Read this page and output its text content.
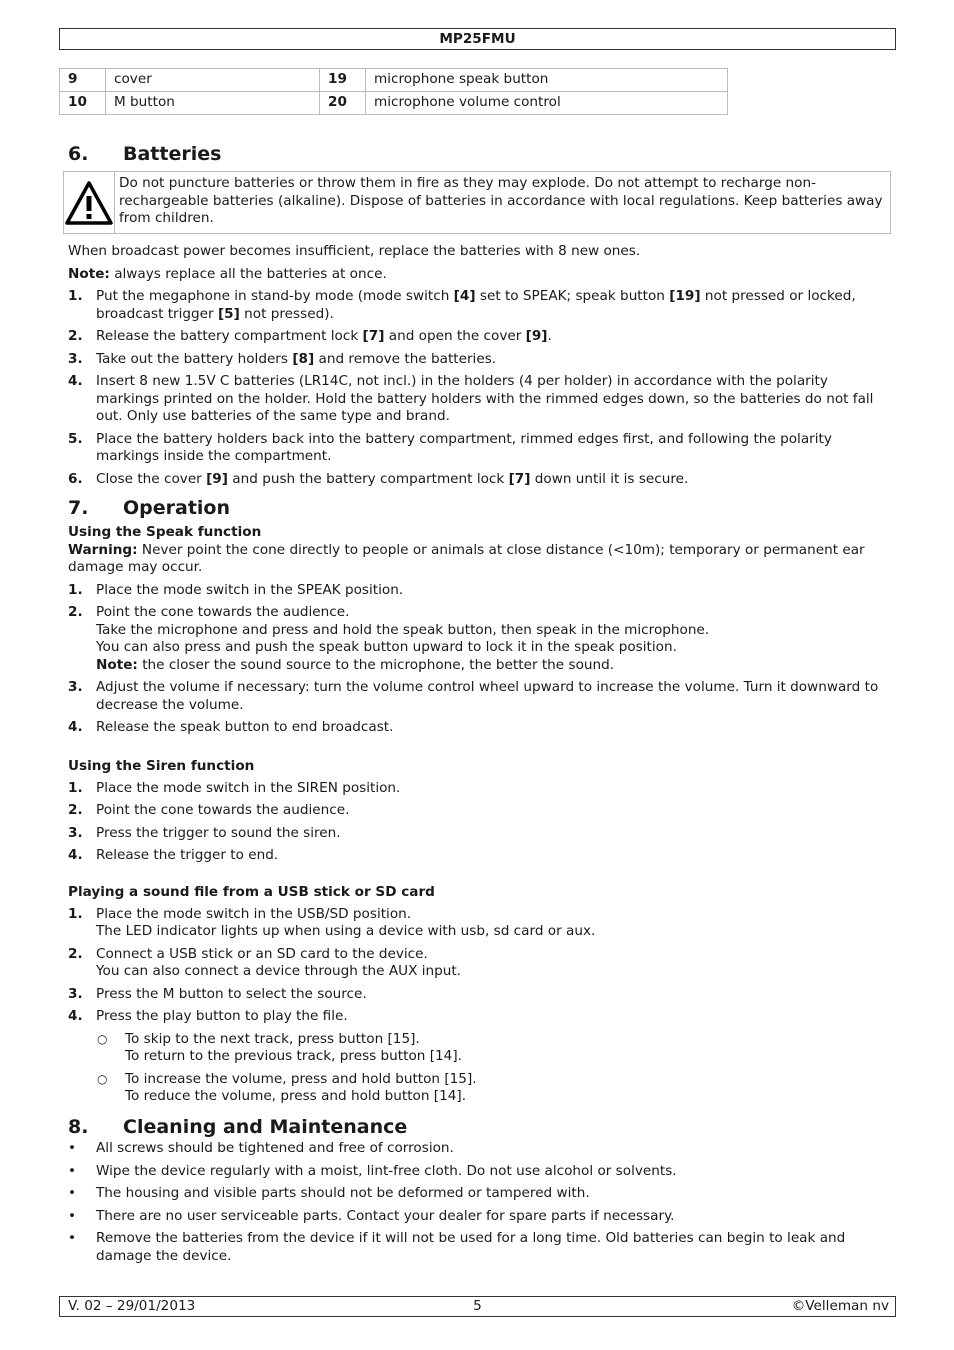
MP25FMU
9	cover	19	microphone speak button
10	M button	20	microphone volume control
6. Batteries
Do not puncture batteries or throw them in fire as they may explode. Do not attempt to recharge non-rechargeable batteries (alkaline). Dispose of batteries in accordance with local regulations. Keep batteries away from children.
When broadcast power becomes insufficient, replace the batteries with 8 new ones.
Note: always replace all the batteries at once.
1. Put the megaphone in stand-by mode (mode switch [4] set to SPEAK; speak button [19] not pressed or locked, broadcast trigger [5] not pressed).
2. Release the battery compartment lock [7] and open the cover [9].
3. Take out the battery holders [8] and remove the batteries.
4. Insert 8 new 1.5V C batteries (LR14C, not incl.) in the holders (4 per holder) in accordance with the polarity markings printed on the holder. Hold the battery holders with the rimmed edges down, so the batteries do not fall out. Only use batteries of the same type and brand.
5. Place the battery holders back into the battery compartment, rimmed edges first, and following the polarity markings inside the compartment.
6. Close the cover [9] and push the battery compartment lock [7] down until it is secure.
7. Operation
Using the Speak function
Warning: Never point the cone directly to people or animals at close distance (<10m); temporary or permanent ear damage may occur.
1. Place the mode switch in the SPEAK position.
2. Point the cone towards the audience.
Take the microphone and press and hold the speak button, then speak in the microphone.
You can also press and push the speak button upward to lock it in the speak position.
Note: the closer the sound source to the microphone, the better the sound.
3. Adjust the volume if necessary: turn the volume control wheel upward to increase the volume. Turn it downward to decrease the volume.
4. Release the speak button to end broadcast.
Using the Siren function
1. Place the mode switch in the SIREN position.
2. Point the cone towards the audience.
3. Press the trigger to sound the siren.
4. Release the trigger to end.
Playing a sound file from a USB stick or SD card
1. Place the mode switch in the USB/SD position.
The LED indicator lights up when using a device with usb, sd card or aux.
2. Connect a USB stick or an SD card to the device.
You can also connect a device through the AUX input.
3. Press the M button to select the source.
4. Press the play button to play the file.
○ To skip to the next track, press button [15].
To return to the previous track, press button [14].
○ To increase the volume, press and hold button [15].
To reduce the volume, press and hold button [14].
8. Cleaning and Maintenance
• All screws should be tightened and free of corrosion.
• Wipe the device regularly with a moist, lint-free cloth. Do not use alcohol or solvents.
• The housing and visible parts should not be deformed or tampered with.
• There are no user serviceable parts. Contact your dealer for spare parts if necessary.
• Remove the batteries from the device if it will not be used for a long time. Old batteries can begin to leak and damage the device.
5
V. 02 – 29/01/2013	©Velleman nv
